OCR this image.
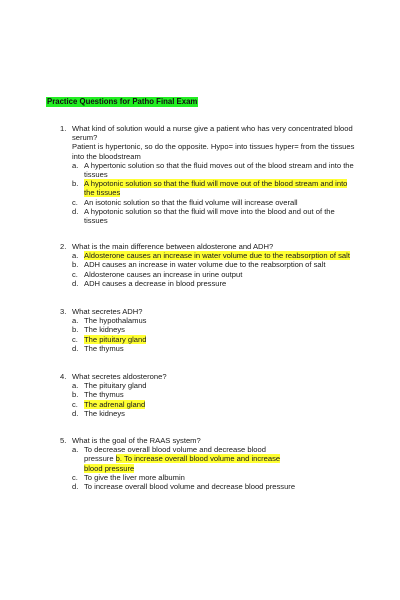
Practice Questions for Patho Final Exam
1. What kind of solution would a nurse give a patient who has very concentrated blood serum?
Patient is hypertonic, so do the opposite. Hypo= into tissues hyper= from the tissues into the bloodstream
a. A hypertonic solution so that the fluid moves out of the blood stream and into the tissues
b. A hypotonic solution so that the fluid will move out of the blood stream and into the tissues
c. An isotonic solution so that the fluid volume will increase overall
d. A hypotonic solution so that the fluid will move into the blood and out of the tissues
2. What is the main difference between aldosterone and ADH?
a. Aldosterone causes an increase in water volume due to the reabsorption of salt
b. ADH causes an increase in water volume due to the reabsorption of salt
c. Aldosterone causes an increase in urine output
d. ADH causes a decrease in blood pressure
3. What secretes ADH?
a. The hypothalamus
b. The kidneys
c. The pituitary gland
d. The thymus
4. What secretes aldosterone?
a. The pituitary gland
b. The thymus
c. The adrenal gland
d. The kidneys
5. What is the goal of the RAAS system?
a. To decrease overall blood volume and decrease blood pressure b. To increase overall blood volume and increase blood pressure
c. To give the liver more albumin
d. To increase overall blood volume and decrease blood pressure
